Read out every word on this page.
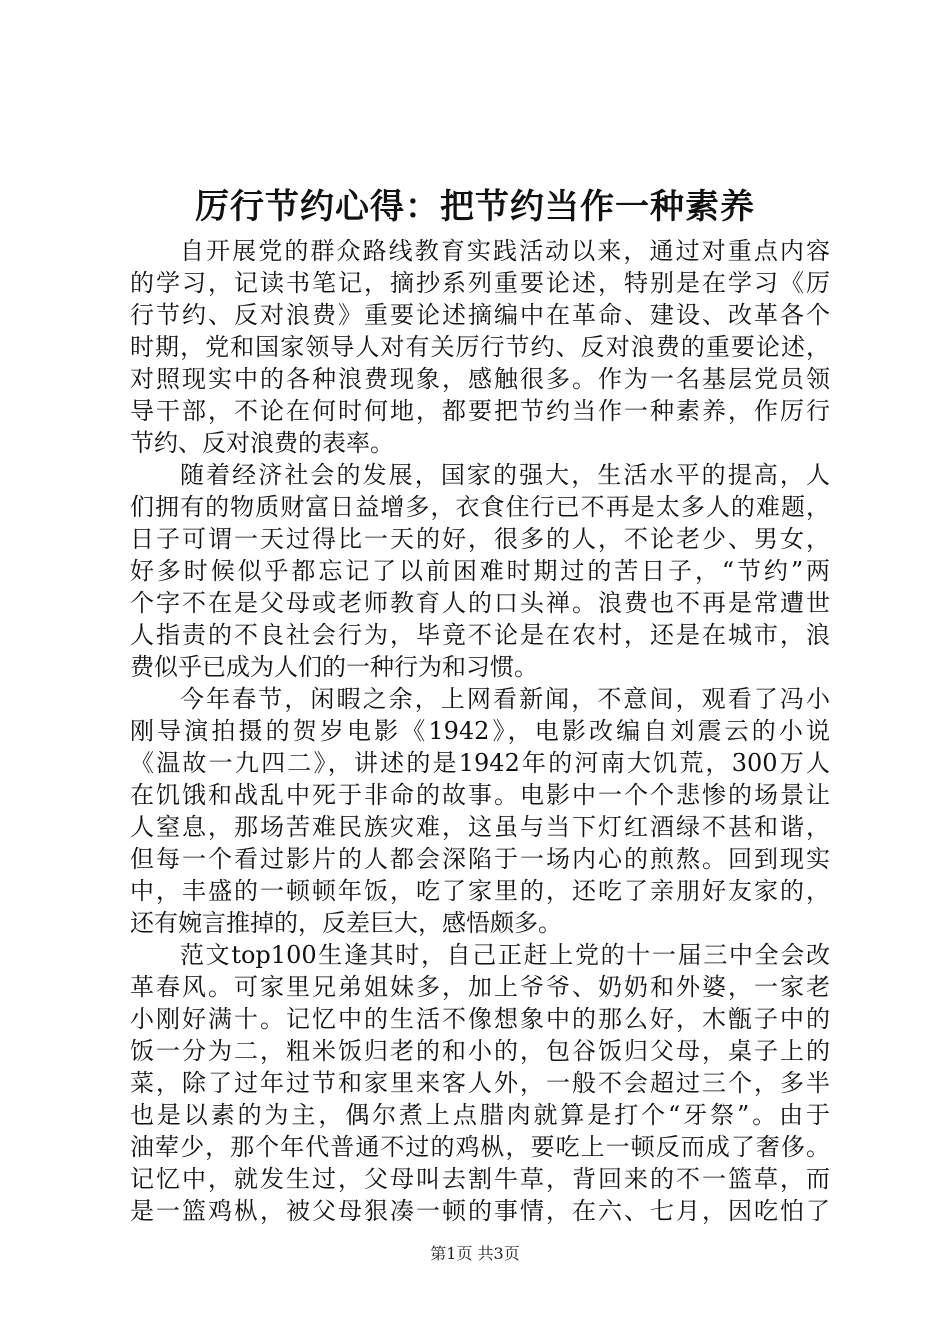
厉行节约心得：把节约当作一种素养
自开展党的群众路线教育实践活动以来，通过对重点内容
的学习，记读书笔记，摘抄系列重要论述，特别是在学习《厉
行节约、反对浪费》重要论述摘编中在革命、建设、改革各个
时期，党和国家领导人对有关厉行节约、反对浪费的重要论述，
对照现实中的各种浪费现象，感触很多。作为一名基层党员领
导干部，不论在何时何地，都要把节约当作一种素养，作厉行
节约、反对浪费的表率。
随着经济社会的发展，国家的强大，生活水平的提高，人
们拥有的物质财富日益增多，衣食住行已不再是太多人的难题，
日子可谓一天过得比一天的好，很多的人，不论老少、男女，
好多时候似乎都忘记了以前困难时期过的苦日子，“节约”两
个字不在是父母或老师教育人的口头禅。浪费也不再是常遭世
人指责的不良社会行为，毕竟不论是在农村，还是在城市，浪
费似乎已成为人们的一种行为和习惯。
今年春节，闲暇之余，上网看新闻，不意间，观看了冯小
刚导演拍摄的贺岁电影《1942》，电影改编自刘震云的小说
《温故一九四二》，讲述的是1942年的河南大饥荒，300万人
在饥饿和战乱中死于非命的故事。电影中一个个悲惨的场景让
人窒息，那场苦难民族灾难，这虽与当下灯红酒绿不甚和谐，
但每一个看过影片的人都会深陷于一场内心的煎熬。回到现实
中，丰盛的一顿顿年饭，吃了家里的，还吃了亲朋好友家的，
还有婉言推掉的，反差巨大，感悟颇多。
范文top100生逢其时，自己正赶上党的十一届三中全会改
革春风。可家里兄弟姐妹多，加上爷爷、奶奶和外婆，一家老
小刚好满十。记忆中的生活不像想象中的那么好，木甑子中的
饭一分为二，粗米饭归老的和小的，包谷饭归父母，桌子上的
菜，除了过年过节和家里来客人外，一般不会超过三个，多半
也是以素的为主，偶尔煮上点腊肉就算是打个“牙祭”。由于
油荤少，那个年代普通不过的鸡枞，要吃上一顿反而成了奢侈。
记忆中，就发生过，父母叫去割牛草，背回来的不一篮草，而
是一篮鸡枞，被父母狠凑一顿的事情，在六、七月，因吃怕了
第1页 共3页
